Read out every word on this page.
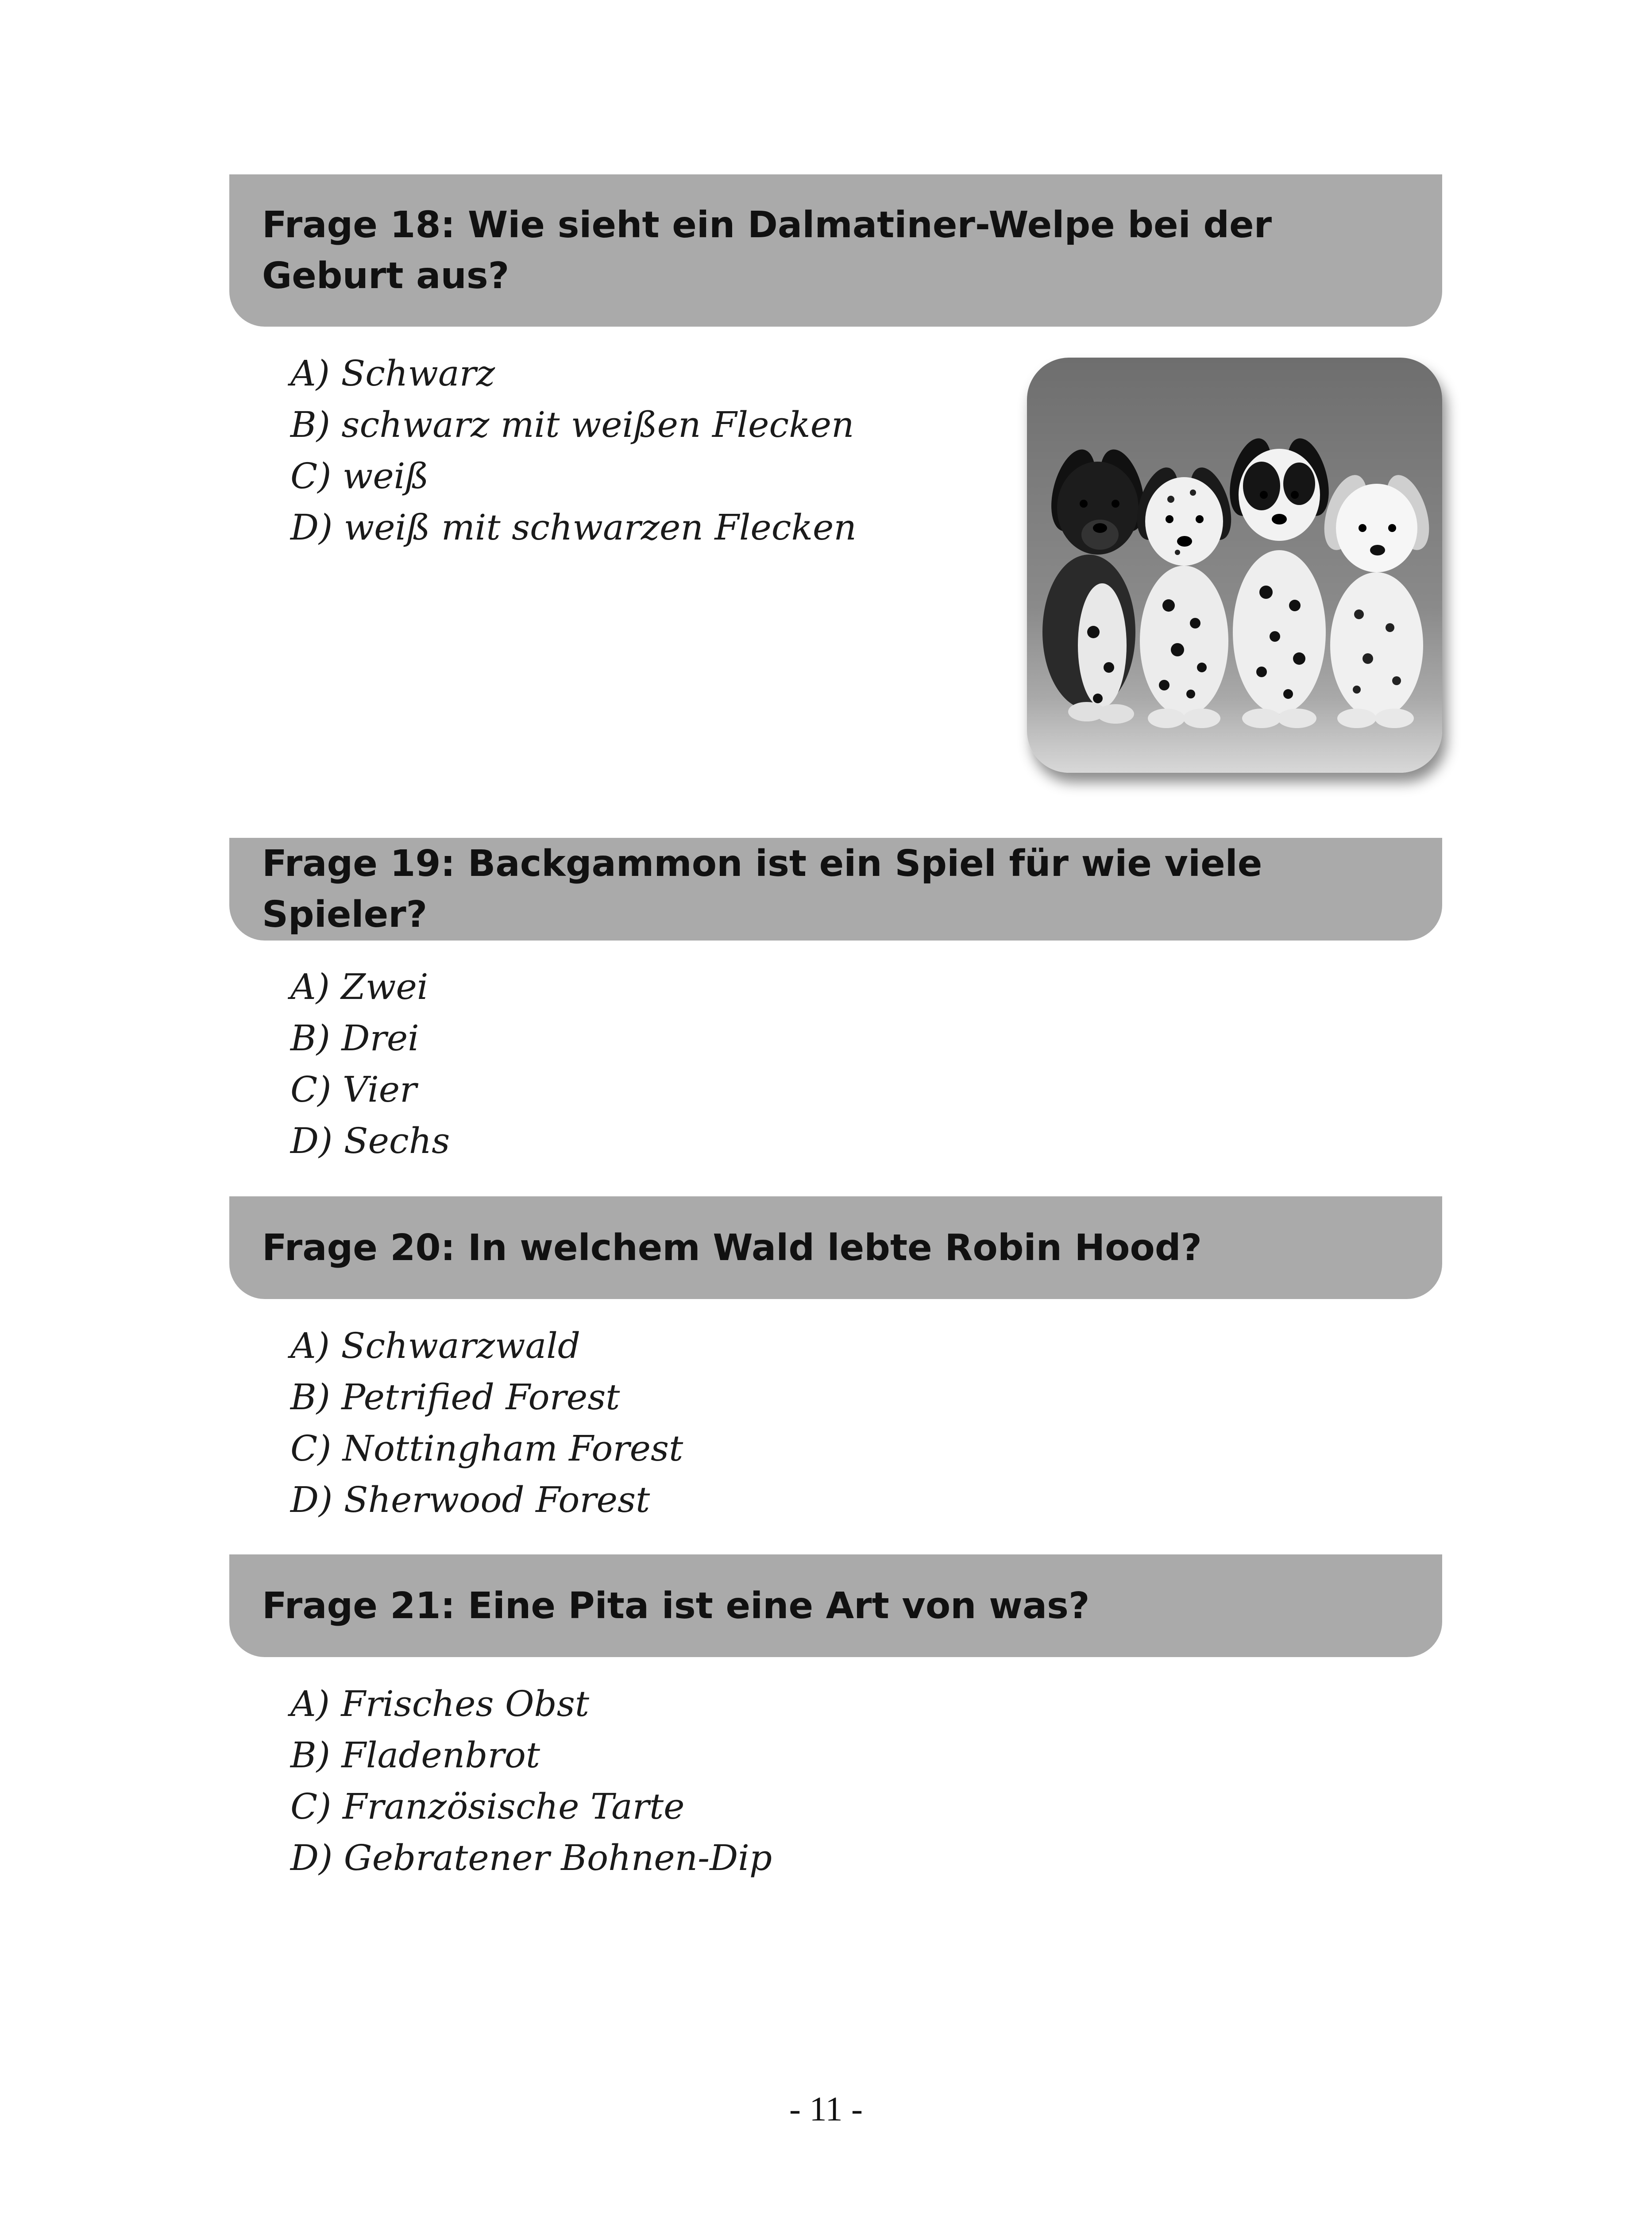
Frage 18: Wie sieht ein Dalmatiner-Welpe bei der Geburt aus?
A) Schwarz
B) schwarz mit weißen Flecken
C) weiß
D) weiß mit schwarzen Flecken
Frage 19: Backgammon ist ein Spiel für wie viele Spieler?
A) Zwei
B) Drei
C) Vier
D) Sechs
Frage 20: In welchem Wald lebte Robin Hood?
A) Schwarzwald
B) Petrified Forest
C) Nottingham Forest
D) Sherwood Forest
Frage 21: Eine Pita ist eine Art von was?
A) Frisches Obst
B) Fladenbrot
C) Französische Tarte
D) Gebratener Bohnen-Dip
- 11 -
